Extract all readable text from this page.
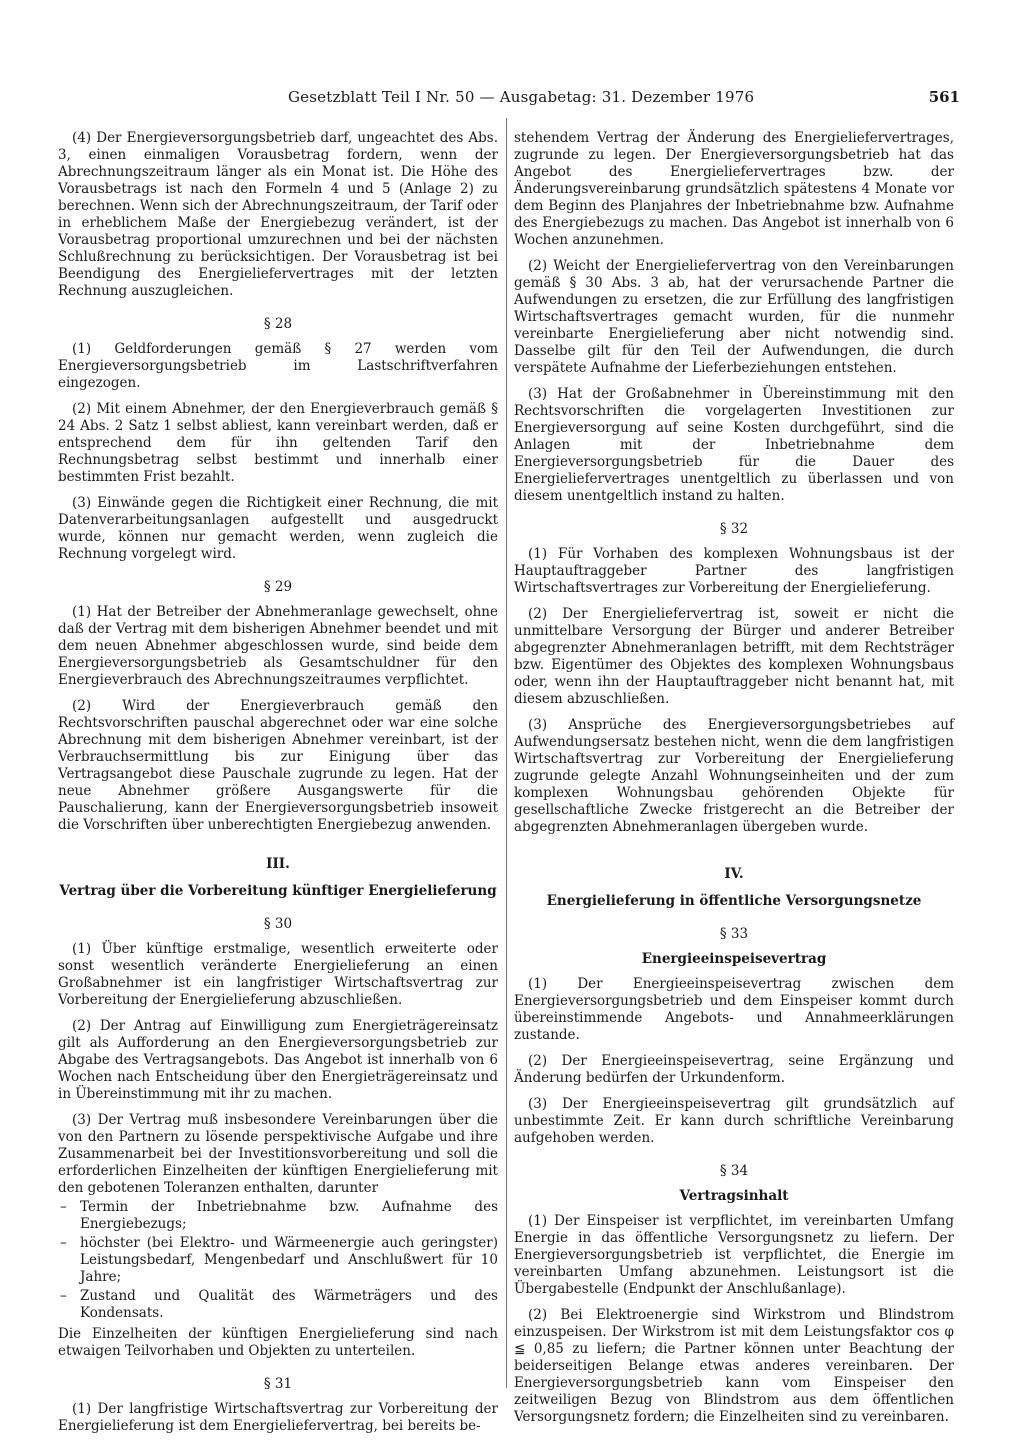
Gesetzblatt Teil I Nr. 50 — Ausgabetag: 31. Dezember 1976	561

(4) Der Energieversorgungsbetrieb darf, ungeachtet des Abs. 3, einen einmaligen Vorausbetrag fordern, wenn der Abrechnungszeitraum länger als ein Monat ist. Die Höhe des Vorausbetrags ist nach den Formeln 4 und 5 (Anlage 2) zu berechnen. Wenn sich der Abrechnungszeitraum, der Tarif oder in erheblichem Maße der Energiebezug verändert, ist der Vorausbetrag proportional umzurechnen und bei der nächsten Schlußrechnung zu berücksichtigen. Der Vorausbetrag ist bei Beendigung des Energieliefervertrages mit der letzten Rechnung auszugleichen.

§ 28

(1) Geldforderungen gemäß § 27 werden vom Energieversorgungsbetrieb im Lastschriftverfahren eingezogen.

(2) Mit einem Abnehmer, der den Energieverbrauch gemäß § 24 Abs. 2 Satz 1 selbst abliest, kann vereinbart werden, daß er entsprechend dem für ihn geltenden Tarif den Rechnungsbetrag selbst bestimmt und innerhalb einer bestimmten Frist bezahlt.

(3) Einwände gegen die Richtigkeit einer Rechnung, die mit Datenverarbeitungsanlagen aufgestellt und ausgedruckt wurde, können nur gemacht werden, wenn zugleich die Rechnung vorgelegt wird.

§ 29

(1) Hat der Betreiber der Abnehmeranlage gewechselt, ohne daß der Vertrag mit dem bisherigen Abnehmer beendet und mit dem neuen Abnehmer abgeschlossen wurde, sind beide dem Energieversorgungsbetrieb als Gesamtschuldner für den Energieverbrauch des Abrechnungszeitraumes verpflichtet.

(2) Wird der Energieverbrauch gemäß den Rechtsvorschriften pauschal abgerechnet oder war eine solche Abrechnung mit dem bisherigen Abnehmer vereinbart, ist der Verbrauchsermittlung bis zur Einigung über das Vertragsangebot diese Pauschale zugrunde zu legen. Hat der neue Abnehmer größere Ausgangswerte für die Pauschalierung, kann der Energieversorgungsbetrieb insoweit die Vorschriften über unberechtigten Energiebezug anwenden.

III.
Vertrag über die Vorbereitung künftiger Energielieferung
§ 30

(1) Über künftige erstmalige, wesentlich erweiterte oder sonst wesentlich veränderte Energielieferung an einen Großabnehmer ist ein langfristiger Wirtschaftsvertrag zur Vorbereitung der Energielieferung abzuschließen.

(2) Der Antrag auf Einwilligung zum Energieträgereinsatz gilt als Aufforderung an den Energieversorgungsbetrieb zur Abgabe des Vertragsangebots. Das Angebot ist innerhalb von 6 Wochen nach Entscheidung über den Energieträgereinsatz und in Übereinstimmung mit ihr zu machen.

(3) Der Vertrag muß insbesondere Vereinbarungen über die von den Partnern zu lösende perspektivische Aufgabe und ihre Zusammenarbeit bei der Investitionsvorbereitung und soll die erforderlichen Einzelheiten der künftigen Energielieferung mit den gebotenen Toleranzen enthalten, darunter

– Termin der Inbetriebnahme bzw. Aufnahme des Energiebezugs;
– höchster (bei Elektro- und Wärmeenergie auch geringster) Leistungsbedarf, Mengenbedarf und Anschlußwert für 10 Jahre;
– Zustand und Qualität des Wärmeträgers und des Kondensats.

Die Einzelheiten der künftigen Energielieferung sind nach etwaigen Teilvorhaben und Objekten zu unterteilen.

§ 31

(1) Der langfristige Wirtschaftsvertrag zur Vorbereitung der Energielieferung ist dem Energieliefervertrag, bei bereits be-

stehendem Vertrag der Änderung des Energieliefervertrages, zugrunde zu legen. Der Energieversorgungsbetrieb hat das Angebot des Energieliefervertrages bzw. der Änderungsvereinbarung grundsätzlich spätestens 4 Monate vor dem Beginn des Planjahres der Inbetriebnahme bzw. Aufnahme des Energiebezugs zu machen. Das Angebot ist innerhalb von 6 Wochen anzunehmen.

(2) Weicht der Energieliefervertrag von den Vereinbarungen gemäß § 30 Abs. 3 ab, hat der verursachende Partner die Aufwendungen zu ersetzen, die zur Erfüllung des langfristigen Wirtschaftsvertrages gemacht wurden, für die nunmehr vereinbarte Energielieferung aber nicht notwendig sind. Dasselbe gilt für den Teil der Aufwendungen, die durch verspätete Aufnahme der Lieferbeziehungen entstehen.

(3) Hat der Großabnehmer in Übereinstimmung mit den Rechtsvorschriften die vorgelagerten Investitionen zur Energieversorgung auf seine Kosten durchgeführt, sind die Anlagen mit der Inbetriebnahme dem Energieversorgungsbetrieb für die Dauer des Energieliefervertrages unentgeltlich zu überlassen und von diesem unentgeltlich instand zu halten.

§ 32

(1) Für Vorhaben des komplexen Wohnungsbaus ist der Hauptauftraggeber Partner des langfristigen Wirtschaftsvertrages zur Vorbereitung der Energielieferung.

(2) Der Energieliefervertrag ist, soweit er nicht die unmittelbare Versorgung der Bürger und anderer Betreiber abgegrenzter Abnehmeranlagen betrifft, mit dem Rechtsträger bzw. Eigentümer des Objektes des komplexen Wohnungsbaus oder, wenn ihn der Hauptauftraggeber nicht benannt hat, mit diesem abzuschließen.

(3) Ansprüche des Energieversorgungsbetriebes auf Aufwendungsersatz bestehen nicht, wenn die dem langfristigen Wirtschaftsvertrag zur Vorbereitung der Energielieferung zugrunde gelegte Anzahl Wohnungseinheiten und der zum komplexen Wohnungsbau gehörenden Objekte für gesellschaftliche Zwecke fristgerecht an die Betreiber der abgegrenzten Abnehmeranlagen übergeben wurde.

IV.
Energielieferung in öffentliche Versorgungsnetze
§ 33
Energieeinspeisevertrag

(1) Der Energieeinspeisevertrag zwischen dem Energieversorgungsbetrieb und dem Einspeiser kommt durch übereinstimmende Angebots- und Annahmeerklärungen zustande.

(2) Der Energieeinspeisevertrag, seine Ergänzung und Änderung bedürfen der Urkundenform.

(3) Der Energieeinspeisevertrag gilt grundsätzlich auf unbestimmte Zeit. Er kann durch schriftliche Vereinbarung aufgehoben werden.

§ 34
Vertragsinhalt

(1) Der Einspeiser ist verpflichtet, im vereinbarten Umfang Energie in das öffentliche Versorgungsnetz zu liefern. Der Energieversorgungsbetrieb ist verpflichtet, die Energie im vereinbarten Umfang abzunehmen. Leistungsort ist die Übergabestelle (Endpunkt der Anschlußanlage).

(2) Bei Elektroenergie sind Wirkstrom und Blindstrom einzuspeisen. Der Wirkstrom ist mit dem Leistungsfaktor cos φ ≦ 0,85 zu liefern; die Partner können unter Beachtung der beiderseitigen Belange etwas anderes vereinbaren. Der Energieversorgungsbetrieb kann vom Einspeiser den zeitweiligen Bezug von Blindstrom aus dem öffentlichen Versorgungsnetz fordern; die Einzelheiten sind zu vereinbaren.
